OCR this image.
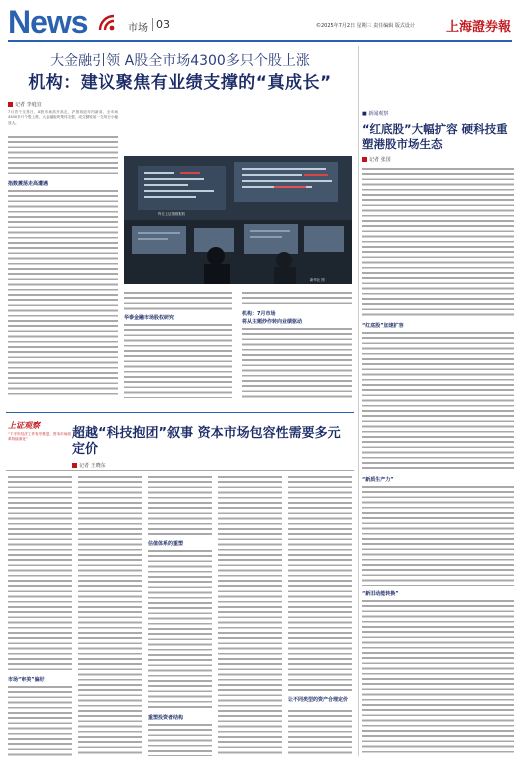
News	市场 03	©2025年7月2日 星期三 责任编辑 版式设计 上海證券報
大金融引领 A股全市场4300多只个股上涨
机构：建议聚焦有业绩支撑的“真成长”
记者 李庭宜
7月首个交易日，A股市场高开高走，沪指再创年内新高，全市场4300多只个股上涨，大金融板块集体走强，成交额较前一交易日小幅放大。
指数震荡走高遭遇
昨日上证指数报收
新华社 图
华泰金融市场股权研究
机构：7月市场
将从主题炒作转向业绩驱动
■ 新闻观察
“红底股”大幅扩容 硬科技重塑港股市场生态
记者 张国
“红底股”加速扩容
“新质生产力”
“新旧动能转换”
上证观察
“下半年经济工作有序推进，资本市场改革持续深化”	超越“科技抱团”叙事 资本市场包容性需要多元定价
记者 王晓东
市场“审美”偏好
估值体系的重塑
重塑投资者结构
让不同类型的资产合理定价
